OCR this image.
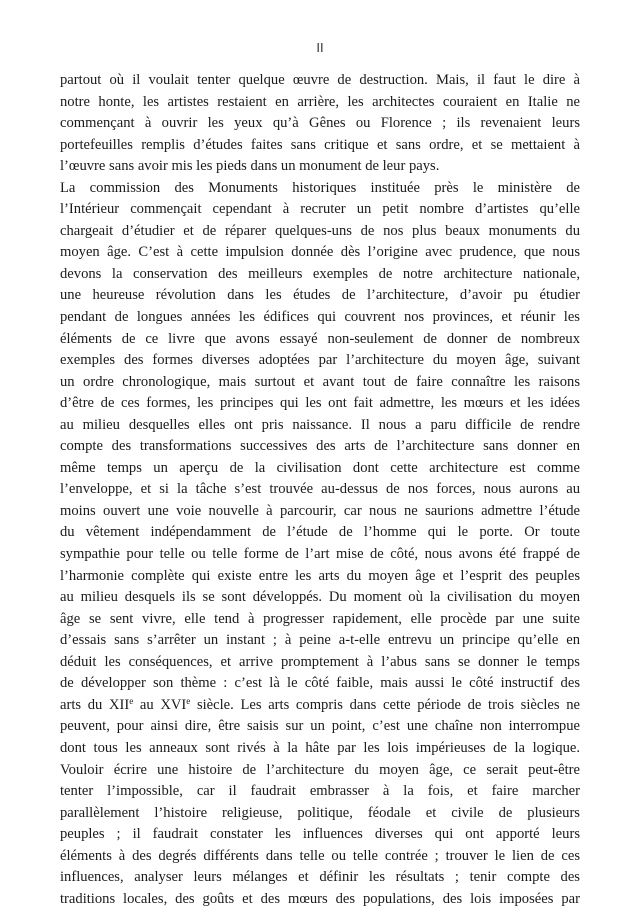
II
partout où il voulait tenter quelque œuvre de destruction. Mais, il faut le dire à
notre honte, les artistes restaient en arrière, les architectes couraient en Italie ne
commençant à ouvrir les yeux qu’à Gênes ou Florence ; ils revenaient leurs
portefeuilles remplis d’études faites sans critique et sans ordre, et se mettaient à
l’œuvre sans avoir mis les pieds dans un monument de leur pays.
La commission des Monuments historiques instituée près le ministère de
l’Intérieur commençait cependant à recruter un petit nombre d’artistes qu’elle
chargeait d’étudier et de réparer quelques-uns de nos plus beaux monuments du
moyen âge. C’est à cette impulsion donnée dès l’origine avec prudence, que nous
devons la conservation des meilleurs exemples de notre architecture nationale,
une heureuse révolution dans les études de l’architecture, d’avoir pu étudier
pendant de longues années les édifices qui couvrent nos provinces, et réunir les
éléments de ce livre que avons essayé non-seulement de donner de nombreux
exemples des formes diverses adoptées par l’architecture du moyen âge, suivant
un ordre chronologique, mais surtout et avant tout de faire connaître les raisons
d’être de ces formes, les principes qui les ont fait admettre, les mœurs et les idées
au milieu desquelles elles ont pris naissance. Il nous a paru difficile de rendre
compte des transformations successives des arts de l’architecture sans donner en
même temps un aperçu de la civilisation dont cette architecture est comme
l’enveloppe, et si la tâche s’est trouvée au-dessus de nos forces, nous aurons au
moins ouvert une voie nouvelle à parcourir, car nous ne saurions admettre l’étude
du vêtement indépendamment de l’étude de l’homme qui le porte. Or toute
sympathie pour telle ou telle forme de l’art mise de côté, nous avons été frappé de
l’harmonie complète qui existe entre les arts du moyen âge et l’esprit des peuples
au milieu desquels ils se sont développés. Du moment où la civilisation du moyen
âge se sent vivre, elle tend à progresser rapidement, elle procède par une suite
d’essais sans s’arrêter un instant ; à peine a-t-elle entrevu un principe qu’elle en
déduit les conséquences, et arrive promptement à l’abus sans se donner le temps
de développer son thème : c’est là le côté faible, mais aussi le côté instructif des
arts du XIIe au XVIe siècle. Les arts compris dans cette période de trois siècles ne
peuvent, pour ainsi dire, être saisis sur un point, c’est une chaîne non interrompue
dont tous les anneaux sont rivés à la hâte par les lois impérieuses de la logique.
Vouloir écrire une histoire de l’architecture du moyen âge, ce serait peut-être
tenter l’impossible, car il faudrait embrasser à la fois, et faire marcher
parallèlement l’histoire religieuse, politique, féodale et civile de plusieurs
peuples ; il faudrait constater les influences diverses qui ont apporté leurs
éléments à des degrés différents dans telle ou telle contrée ; trouver le lien de ces
influences, analyser leurs mélanges et définir les résultats ; tenir compte des
traditions locales, des goûts et des mœurs des populations, des lois imposées par
